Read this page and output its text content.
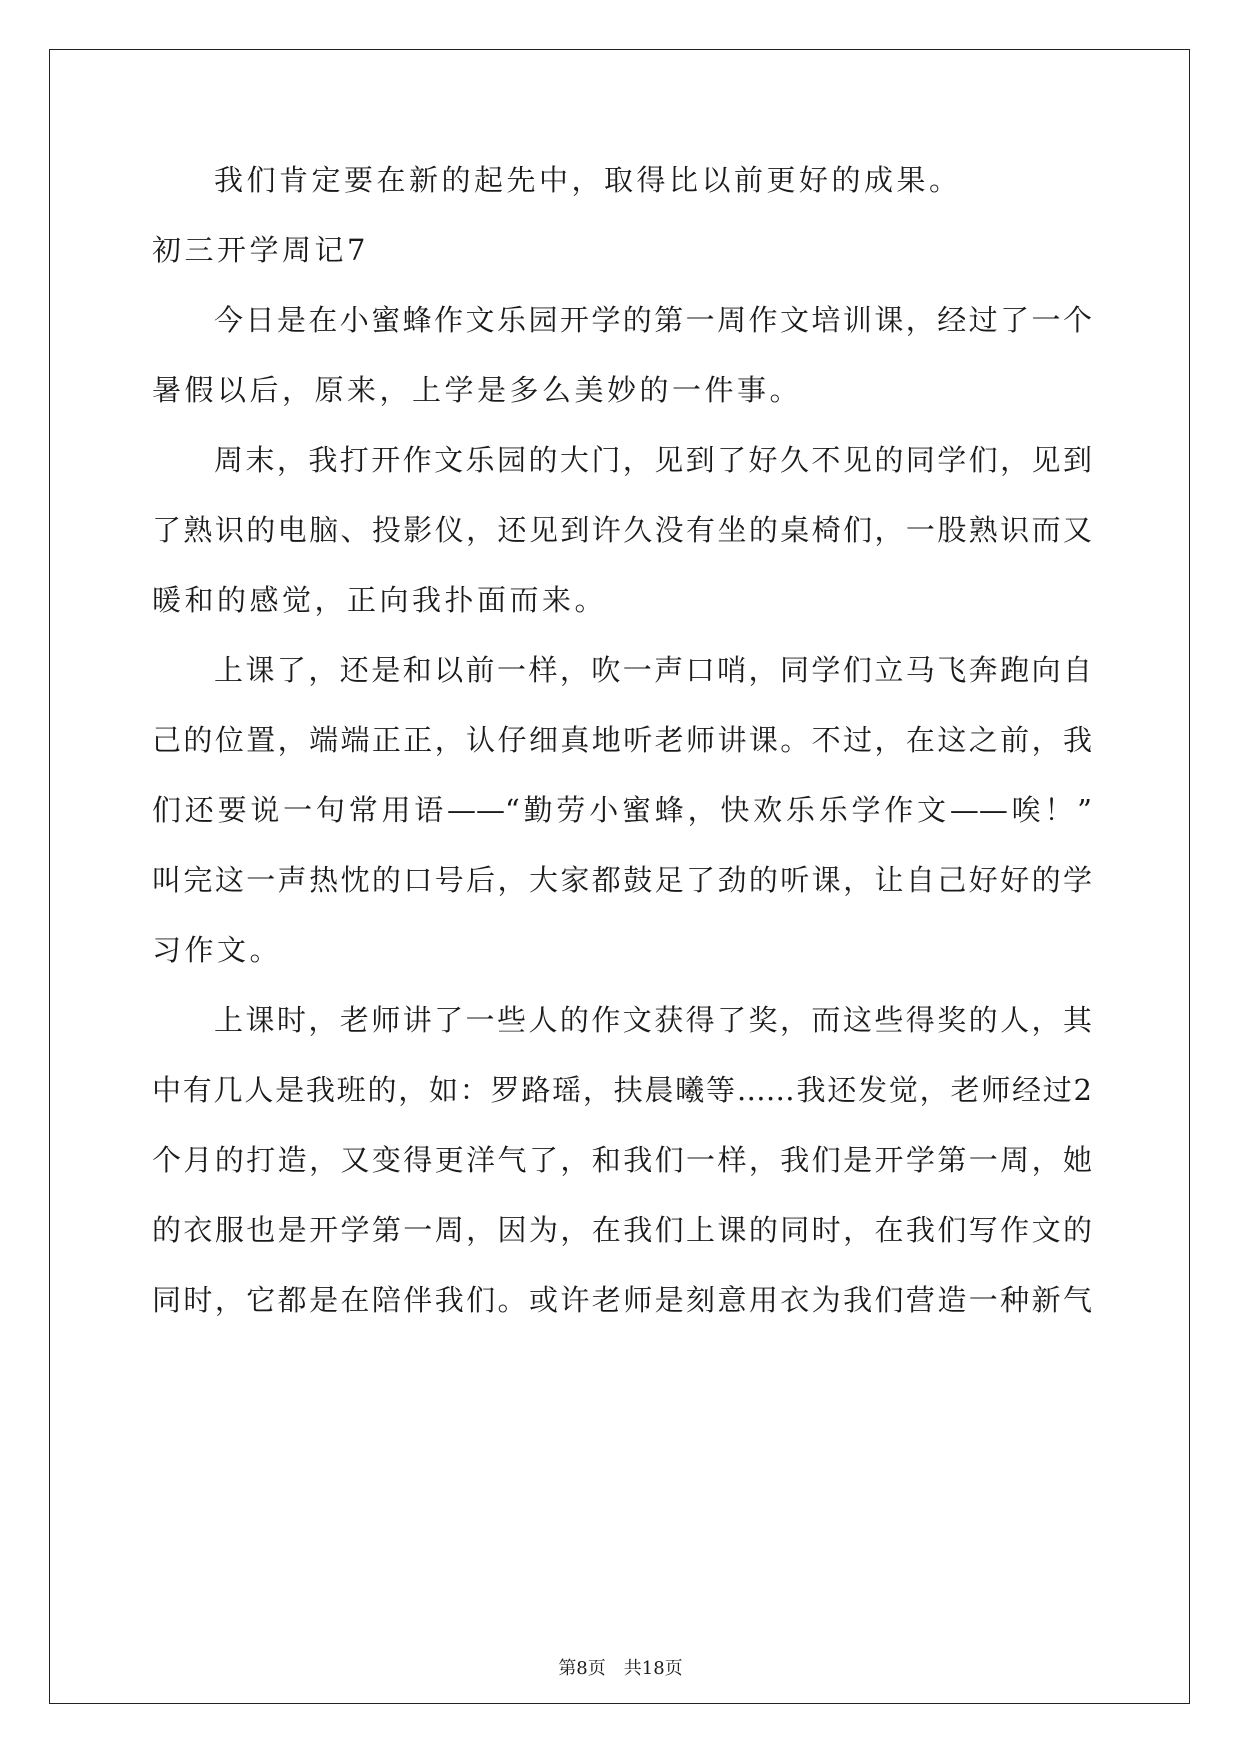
我们肯定要在新的起先中，取得比以前更好的成果。
初三开学周记7
今日是在小蜜蜂作文乐园开学的第一周作文培训课，经过了一个
暑假以后，原来，上学是多么美妙的一件事。
周末，我打开作文乐园的大门，见到了好久不见的同学们，见到
了熟识的电脑、投影仪，还见到许久没有坐的桌椅们，一股熟识而又
暖和的感觉，正向我扑面而来。
上课了，还是和以前一样，吹一声口哨，同学们立马飞奔跑向自
己的位置，端端正正，认仔细真地听老师讲课。不过，在这之前，我
们还要说一句常用语——“勤劳小蜜蜂，快欢乐乐学作文——唉！”
叫完这一声热忱的口号后，大家都鼓足了劲的听课，让自己好好的学
习作文。
上课时，老师讲了一些人的作文获得了奖，而这些得奖的人，其
中有几人是我班的，如：罗路瑶，扶晨曦等……我还发觉，老师经过2
个月的打造，又变得更洋气了，和我们一样，我们是开学第一周，她
的衣服也是开学第一周，因为，在我们上课的同时，在我们写作文的
同时，它都是在陪伴我们。或许老师是刻意用衣为我们营造一种新气
第8页 共18页
